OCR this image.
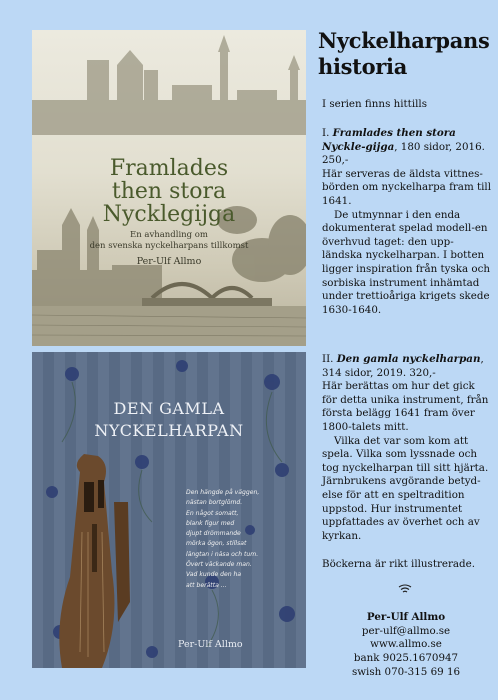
Framlades
then stora
Nycklegijga
En avhandling om
den svenska nyckelharpans tillkomst
Per-Ulf Allmo
DEN GAMLA
NYCKELHARPAN
Den hängde på väggen,
nästan bortglömd.
En något somatt,
blank figur med
djupt drömmande
mörka ögon, stillsat
längtan i näsa och tum.
Övert väckande man.
Vad kunde den ha
att berätta ...
Per-Ulf Allmo
Nyckelharpans
historia
I serien finns hittills

I. Framlades then stora Nyckle-gijga, 180 sidor, 2016. 250,-

Här serveras de äldsta vittnes-börden om nyckelharpa fram till 1641.

De utmynnar i den enda dokumenterat spelad modell-en överhvud taget: den upp-ländska nyckelharpan. I botten ligger inspiration från tyska och sorbiska instrument inhämtad under trettioåriga krigets skede 1630-1640.

II. Den gamla nyckelharpan, 314 sidor, 2019. 320,-

Här berättas om hur det gick för detta unika instrument, från första belägg 1641 fram över 1800-talets mitt.

Vilka det var som kom att spela. Vilka som lyssnade och tog nyckelharpan till sitt hjärta. Järnbrukens avgörande betyd-else för att en speltradition uppstod. Hur instrumentet uppfattades av överhet och av kyrkan.

Böckerna är rikt illustrerade.
Per-Ulf Allmo
per-ulf@allmo.se
www.allmo.se
bank 9025.1670947
swish 070-315 69 16
